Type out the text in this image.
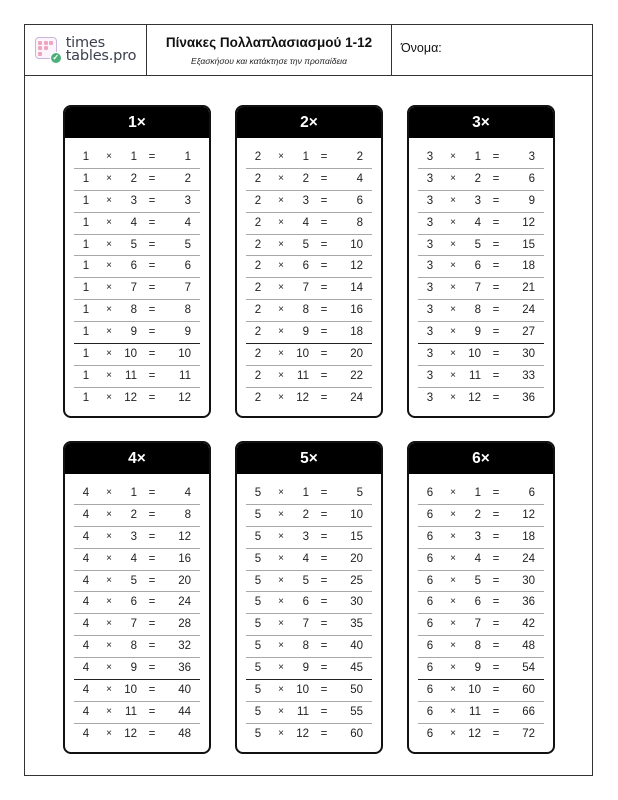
✓
times
tables.pro
Πίνακες Πολλαπλασιασμού 1-12
Εξασκήσου και κατάκτησε την προπαίδεια
Όνομα:
1×
1	×	1 =	1
1	×	2 =	2
1	×	3 =	3
1	×	4 =	4
1	×	5 =	5
1	×	6 =	6
1	×	7 =	7
1	×	8 =	8
1	×	9 =	9
1	×	10 =	10
1	×	11 =	11
1	×	12 =	12
2×
2	×	1 =	2
2	×	2 =	4
2	×	3 =	6
2	×	4 =	8
2	×	5 =	10
2	×	6 =	12
2	×	7 =	14
2	×	8 =	16
2	×	9 =	18
2	×	10 =	20
2	×	11 =	22
2	×	12 =	24
3×
3	×	1 =	3
3	×	2 =	6
3	×	3 =	9
3	×	4 =	12
3	×	5 =	15
3	×	6 =	18
3	×	7 =	21
3	×	8 =	24
3	×	9 =	27
3	×	10 =	30
3	×	11 =	33
3	×	12 =	36
4×
4	×	1 =	4
4	×	2 =	8
4	×	3 =	12
4	×	4 =	16
4	×	5 =	20
4	×	6 =	24
4	×	7 =	28
4	×	8 =	32
4	×	9 =	36
4	×	10 =	40
4	×	11 =	44
4	×	12 =	48
5×
5	×	1 =	5
5	×	2 =	10
5	×	3 =	15
5	×	4 =	20
5	×	5 =	25
5	×	6 =	30
5	×	7 =	35
5	×	8 =	40
5	×	9 =	45
5	×	10 =	50
5	×	11 =	55
5	×	12 =	60
6×
6	×	1 =	6
6	×	2 =	12
6	×	3 =	18
6	×	4 =	24
6	×	5 =	30
6	×	6 =	36
6	×	7 =	42
6	×	8 =	48
6	×	9 =	54
6	×	10 =	60
6	×	11 =	66
6	×	12 =	72
